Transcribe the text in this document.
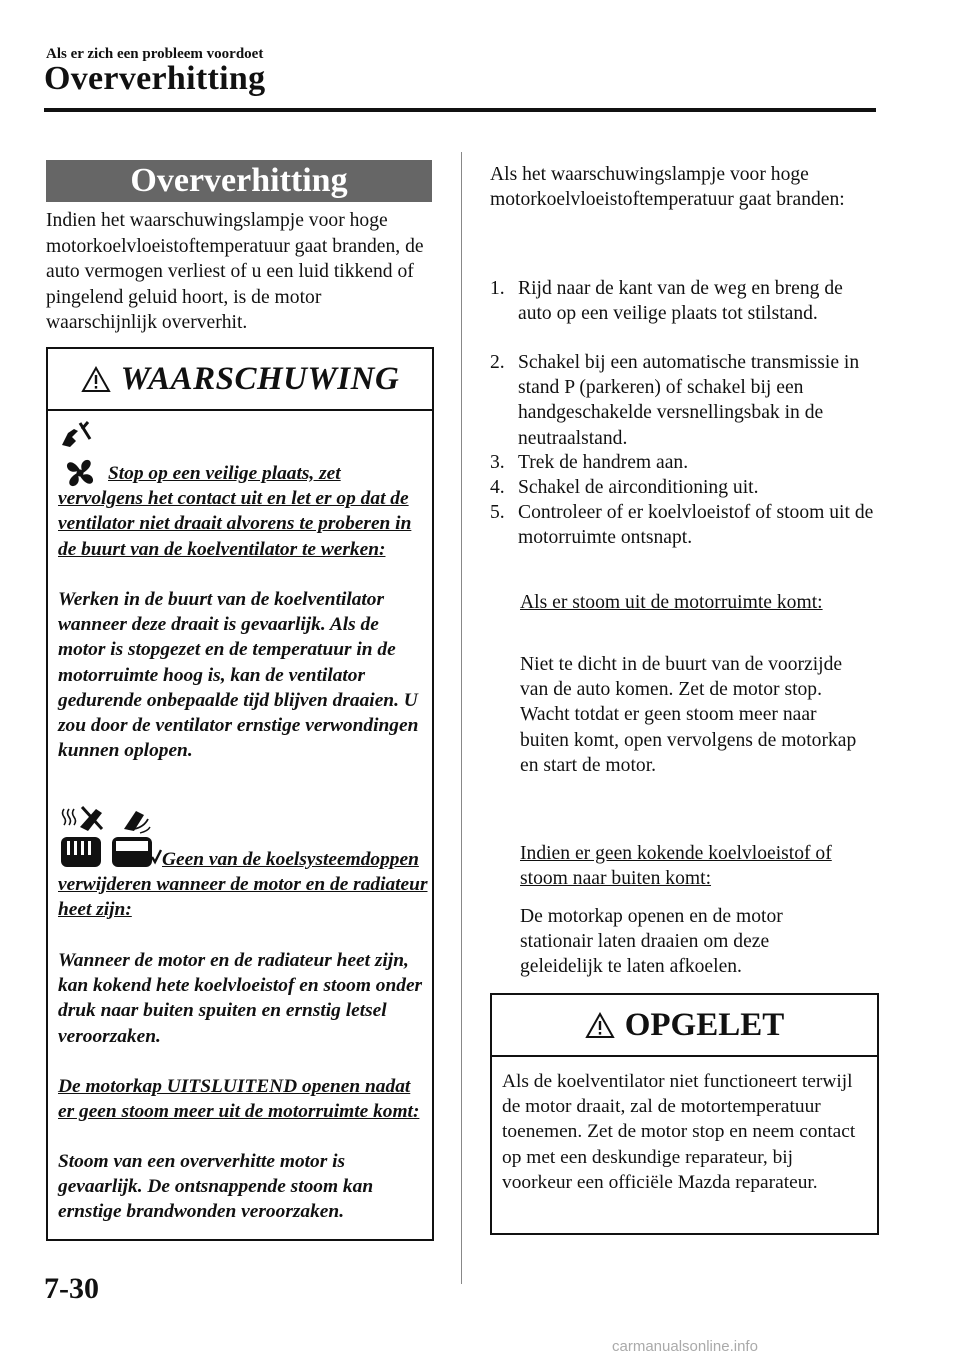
Als er zich een probleem voordoet
Oververhitting
Oververhitting
Indien het waarschuwingslampje voor hoge motorkoelvloeistoftemperatuur gaat branden, de auto vermogen verliest of u een luid tikkend of pingelend geluid hoort, is de motor waarschijnlijk oververhit.
WAARSCHUWING
Stop op een veilige plaats, zet vervolgens het contact uit en let er op dat de ventilator niet draait alvorens te proberen in de buurt van de koelventilator te werken:
Werken in de buurt van de koelventilator wanneer deze draait is gevaarlijk. Als de motor is stopgezet en de temperatuur in de motorruimte hoog is, kan de ventilator gedurende onbepaalde tijd blijven draaien. U zou door de ventilator ernstige verwondingen kunnen oplopen.
Geen van de koelsysteemdoppen verwijderen wanneer de motor en de radiateur heet zijn:
Wanneer de motor en de radiateur heet zijn, kan kokend hete koelvloeistof en stoom onder druk naar buiten spuiten en ernstig letsel veroorzaken.
De motorkap UITSLUITEND openen nadat er geen stoom meer uit de motorruimte komt:
Stoom van een oververhitte motor is gevaarlijk. De ontsnappende stoom kan ernstige brandwonden veroorzaken.
Als het waarschuwingslampje voor hoge motorkoelvloeistoftemperatuur gaat branden:
1. Rijd naar de kant van de weg en breng de auto op een veilige plaats tot stilstand.
2. Schakel bij een automatische transmissie in stand P (parkeren) of schakel bij een handgeschakelde versnellingsbak in de neutraalstand.
3. Trek de handrem aan.
4. Schakel de airconditioning uit.
5. Controleer of er koelvloeistof of stoom uit de motorruimte ontsnapt.
Als er stoom uit de motorruimte komt:
Niet te dicht in de buurt van de voorzijde van de auto komen. Zet de motor stop. Wacht totdat er geen stoom meer naar buiten komt, open vervolgens de motorkap en start de motor.
Indien er geen kokende koelvloeistof of stoom naar buiten komt:
De motorkap openen en de motor stationair laten draaien om deze geleidelijk te laten afkoelen.
OPGELET
Als de koelventilator niet functioneert terwijl de motor draait, zal de motortemperatuur toenemen. Zet de motor stop en neem contact op met een deskundige reparateur, bij voorkeur een officiële Mazda reparateur.
7-30
carmanualsonline.info
